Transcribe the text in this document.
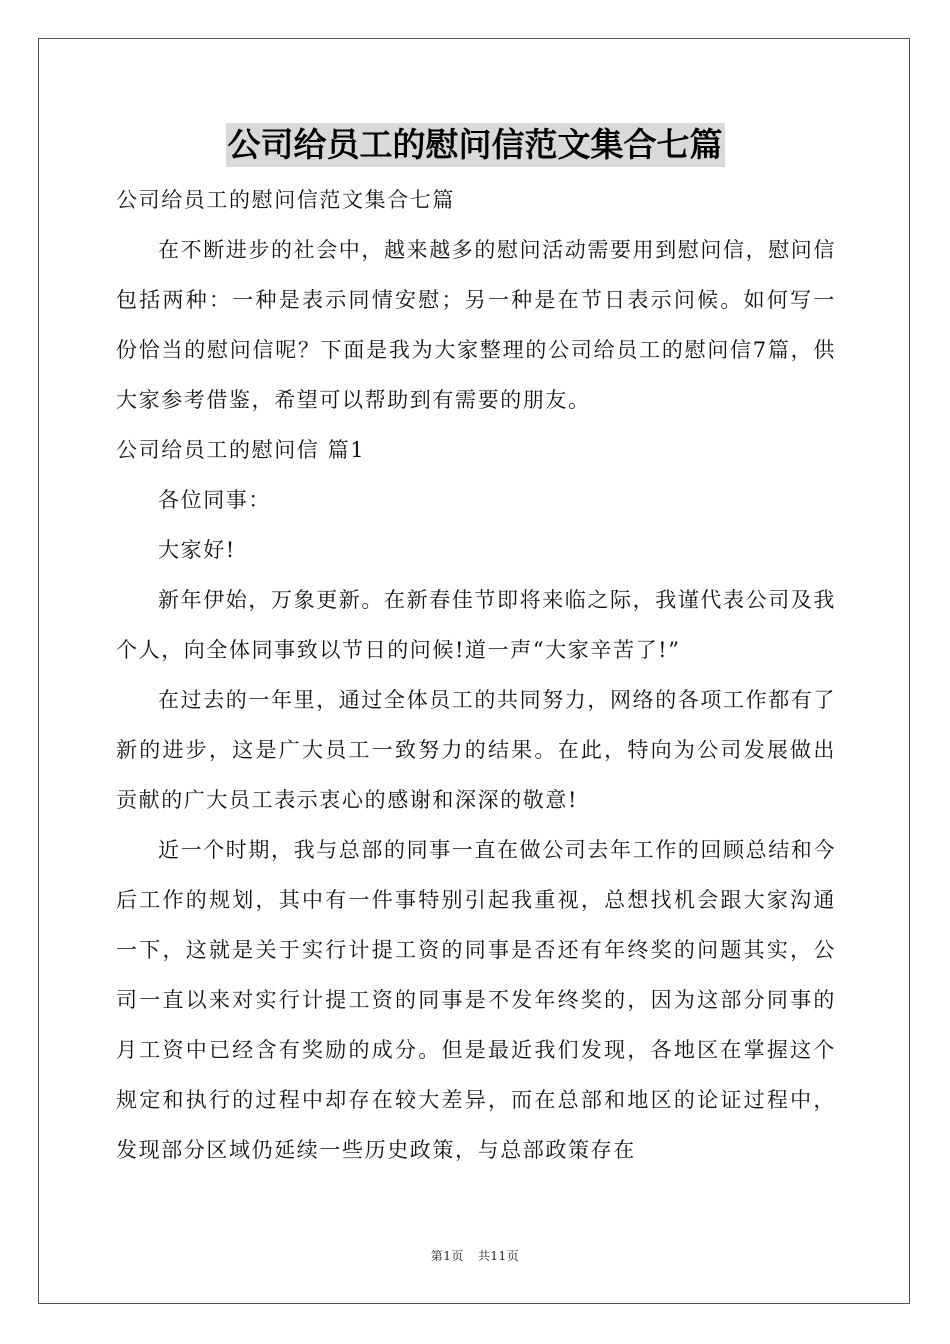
公司给员工的慰问信范文集合七篇

公司给员工的慰问信范文集合七篇

在不断进步的社会中，越来越多的慰问活动需要用到慰问信，慰问信包括两种：一种是表示同情安慰；另一种是在节日表示问候。如何写一份恰当的慰问信呢？下面是我为大家整理的公司给员工的慰问信7篇，供大家参考借鉴，希望可以帮助到有需要的朋友。

公司给员工的慰问信 篇1

各位同事：

大家好!

新年伊始，万象更新。在新春佳节即将来临之际，我谨代表公司及我个人，向全体同事致以节日的问候!道一声“大家辛苦了!”

在过去的一年里，通过全体员工的共同努力，网络的各项工作都有了新的进步，这是广大员工一致努力的结果。在此，特向为公司发展做出贡献的广大员工表示衷心的感谢和深深的敬意!

近一个时期，我与总部的同事一直在做公司去年工作的回顾总结和今后工作的规划，其中有一件事特别引起我重视，总想找机会跟大家沟通一下，这就是关于实行计提工资的同事是否还有年终奖的问题其实，公司一直以来对实行计提工资的同事是不发年终奖的，因为这部分同事的月工资中已经含有奖励的成分。但是最近我们发现，各地区在掌握这个规定和执行的过程中却存在较大差异，而在总部和地区的论证过程中，发现部分区域仍延续一些历史政策，与总部政策存在

第1页 共11页
